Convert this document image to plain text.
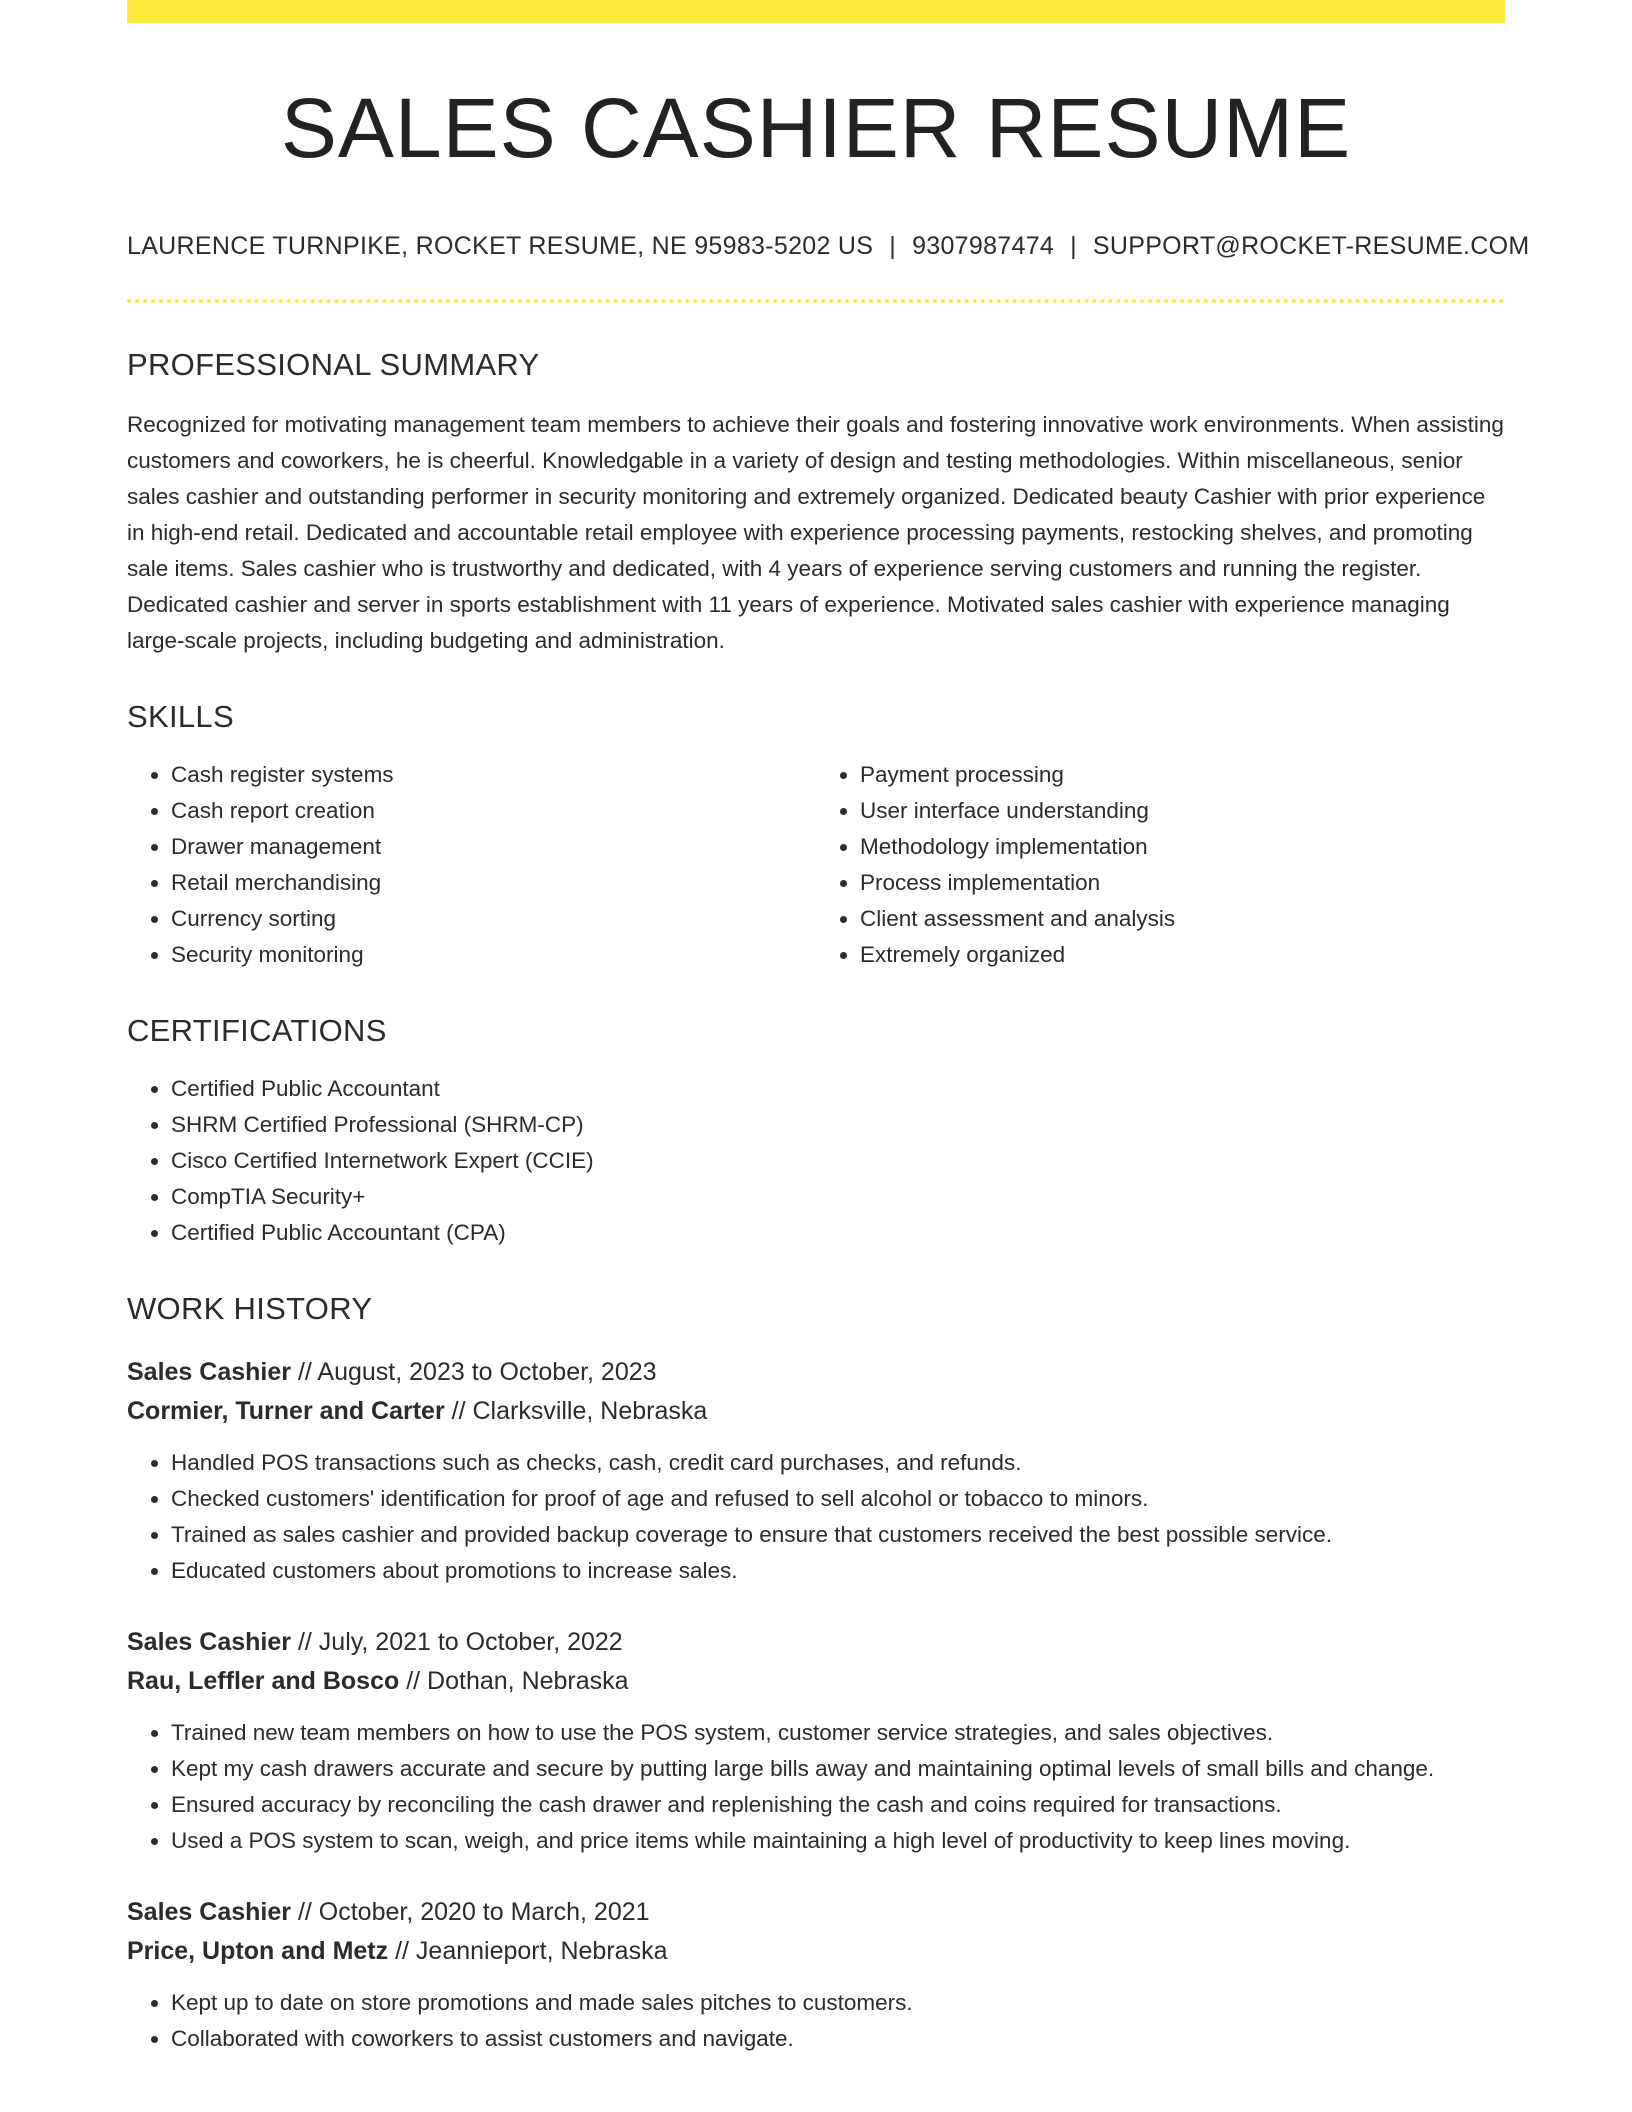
SALES CASHIER RESUME
LAURENCE TURNPIKE, ROCKET RESUME, NE 95983-5202 US | 9307987474 | SUPPORT@ROCKET-RESUME.COM
PROFESSIONAL SUMMARY

Recognized for motivating management team members to achieve their goals and fostering innovative work environments. When assisting customers and coworkers, he is cheerful. Knowledgable in a variety of design and testing methodologies. Within miscellaneous, senior sales cashier and outstanding performer in security monitoring and extremely organized. Dedicated beauty Cashier with prior experience in high-end retail. Dedicated and accountable retail employee with experience processing payments, restocking shelves, and promoting sale items. Sales cashier who is trustworthy and dedicated, with 4 years of experience serving customers and running the register. Dedicated cashier and server in sports establishment with 11 years of experience. Motivated sales cashier with experience managing large-scale projects, including budgeting and administration.

SKILLS
• Cash register systems
• Cash report creation
• Drawer management
• Retail merchandising
• Currency sorting
• Security monitoring
• Payment processing
• User interface understanding
• Methodology implementation
• Process implementation
• Client assessment and analysis
• Extremely organized
CERTIFICATIONS
• Certified Public Accountant
• SHRM Certified Professional (SHRM-CP)
• Cisco Certified Internetwork Expert (CCIE)
• CompTIA Security+
• Certified Public Accountant (CPA)
WORK HISTORY
Sales Cashier // August, 2023 to October, 2023
Cormier, Turner and Carter // Clarksville, Nebraska
• Handled POS transactions such as checks, cash, credit card purchases, and refunds.
• Checked customers' identification for proof of age and refused to sell alcohol or tobacco to minors.
• Trained as sales cashier and provided backup coverage to ensure that customers received the best possible service.
• Educated customers about promotions to increase sales.
Sales Cashier // July, 2021 to October, 2022
Rau, Leffler and Bosco // Dothan, Nebraska
• Trained new team members on how to use the POS system, customer service strategies, and sales objectives.
• Kept my cash drawers accurate and secure by putting large bills away and maintaining optimal levels of small bills and change.
• Ensured accuracy by reconciling the cash drawer and replenishing the cash and coins required for transactions.
• Used a POS system to scan, weigh, and price items while maintaining a high level of productivity to keep lines moving.
Sales Cashier // October, 2020 to March, 2021
Price, Upton and Metz // Jeannieport, Nebraska
• Kept up to date on store promotions and made sales pitches to customers.
• Collaborated with coworkers to assist customers and navigate.
